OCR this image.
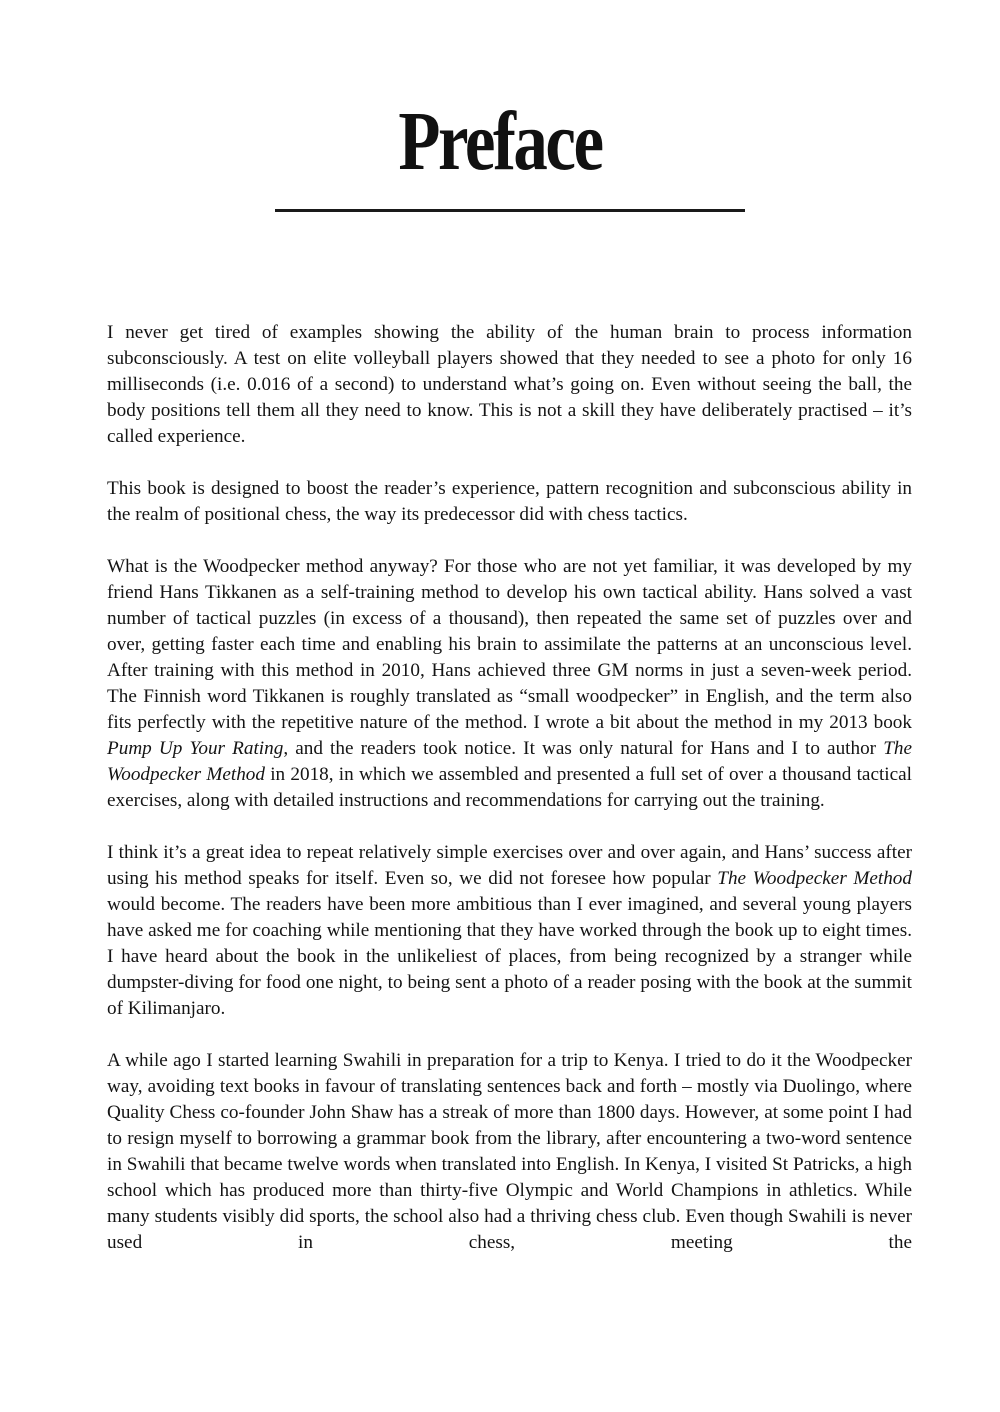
Preface

I never get tired of examples showing the ability of the human brain to process information subconsciously. A test on elite volleyball players showed that they needed to see a photo for only 16 milliseconds (i.e. 0.016 of a second) to understand what’s going on. Even without seeing the ball, the body positions tell them all they need to know. This is not a skill they have deliberately practised – it’s called experience.

This book is designed to boost the reader’s experience, pattern recognition and subconscious ability in the realm of positional chess, the way its predecessor did with chess tactics.

What is the Woodpecker method anyway? For those who are not yet familiar, it was developed by my friend Hans Tikkanen as a self-training method to develop his own tactical ability. Hans solved a vast number of tactical puzzles (in excess of a thousand), then repeated the same set of puzzles over and over, getting faster each time and enabling his brain to assimilate the patterns at an unconscious level. After training with this method in 2010, Hans achieved three GM norms in just a seven-week period. The Finnish word Tikkanen is roughly translated as “small woodpecker” in English, and the term also fits perfectly with the repetitive nature of the method. I wrote a bit about the method in my 2013 book Pump Up Your Rating, and the readers took notice. It was only natural for Hans and I to author The Woodpecker Method in 2018, in which we assembled and presented a full set of over a thousand tactical exercises, along with detailed instructions and recommendations for carrying out the training.

I think it’s a great idea to repeat relatively simple exercises over and over again, and Hans’ success after using his method speaks for itself. Even so, we did not foresee how popular The Woodpecker Method would become. The readers have been more ambitious than I ever imagined, and several young players have asked me for coaching while mentioning that they have worked through the book up to eight times. I have heard about the book in the unlikeliest of places, from being recognized by a stranger while dumpster-diving for food one night, to being sent a photo of a reader posing with the book at the summit of Kilimanjaro.

A while ago I started learning Swahili in preparation for a trip to Kenya. I tried to do it the Woodpecker way, avoiding text books in favour of translating sentences back and forth – mostly via Duolingo, where Quality Chess co-founder John Shaw has a streak of more than 1800 days. However, at some point I had to resign myself to borrowing a grammar book from the library, after encountering a two-word sentence in Swahili that became twelve words when translated into English. In Kenya, I visited St Patricks, a high school which has produced more than thirty-five Olympic and World Champions in athletics. While many students visibly did sports, the school also had a thriving chess club. Even though Swahili is never used in chess, meeting the
